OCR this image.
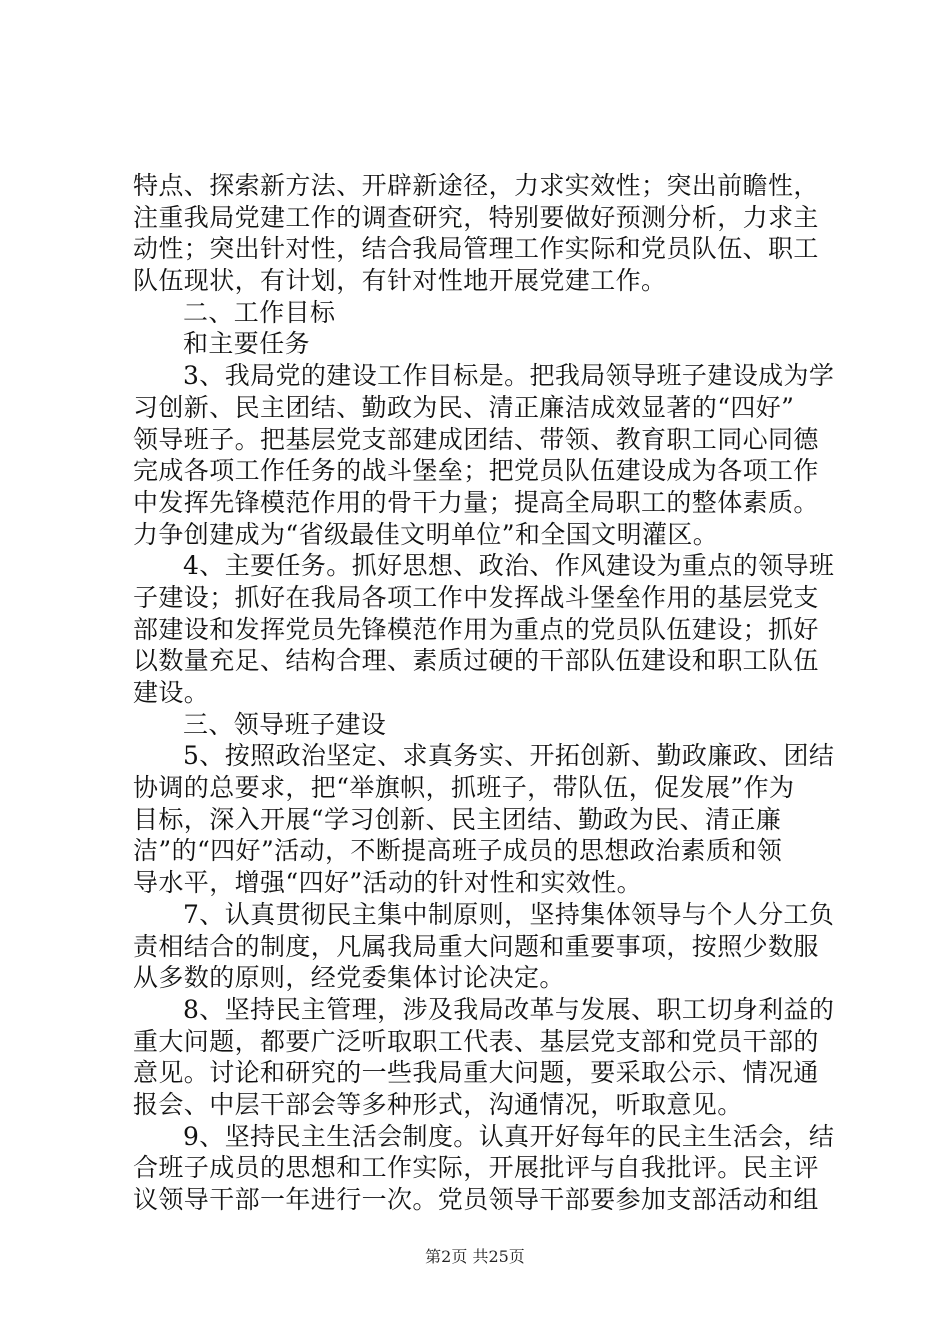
特点、探索新方法、开辟新途径，力求实效性；突出前瞻性，
注重我局党建工作的调查研究，特别要做好预测分析，力求主
动性；突出针对性，结合我局管理工作实际和党员队伍、职工
队伍现状，有计划，有针对性地开展党建工作。
二、工作目标
和主要任务
3、我局党的建设工作目标是。把我局领导班子建设成为学
习创新、民主团结、勤政为民、清正廉洁成效显著的“四好”
领导班子。把基层党支部建成团结、带领、教育职工同心同德
完成各项工作任务的战斗堡垒；把党员队伍建设成为各项工作
中发挥先锋模范作用的骨干力量；提高全局职工的整体素质。
力争创建成为“省级最佳文明单位”和全国文明灌区。
4、主要任务。抓好思想、政治、作风建设为重点的领导班
子建设；抓好在我局各项工作中发挥战斗堡垒作用的基层党支
部建设和发挥党员先锋模范作用为重点的党员队伍建设；抓好
以数量充足、结构合理、素质过硬的干部队伍建设和职工队伍
建设。
三、领导班子建设
5、按照政治坚定、求真务实、开拓创新、勤政廉政、团结
协调的总要求，把“举旗帜，抓班子，带队伍，促发展”作为
目标，深入开展“学习创新、民主团结、勤政为民、清正廉
洁”的“四好”活动，不断提高班子成员的思想政治素质和领
导水平，增强“四好”活动的针对性和实效性。
7、认真贯彻民主集中制原则，坚持集体领导与个人分工负
责相结合的制度，凡属我局重大问题和重要事项，按照少数服
从多数的原则，经党委集体讨论决定。
8、坚持民主管理，涉及我局改革与发展、职工切身利益的
重大问题，都要广泛听取职工代表、基层党支部和党员干部的
意见。讨论和研究的一些我局重大问题，要采取公示、情况通
报会、中层干部会等多种形式，沟通情况，听取意见。
9、坚持民主生活会制度。认真开好每年的民主生活会，结
合班子成员的思想和工作实际，开展批评与自我批评。民主评
议领导干部一年进行一次。党员领导干部要参加支部活动和组
第2页 共25页
